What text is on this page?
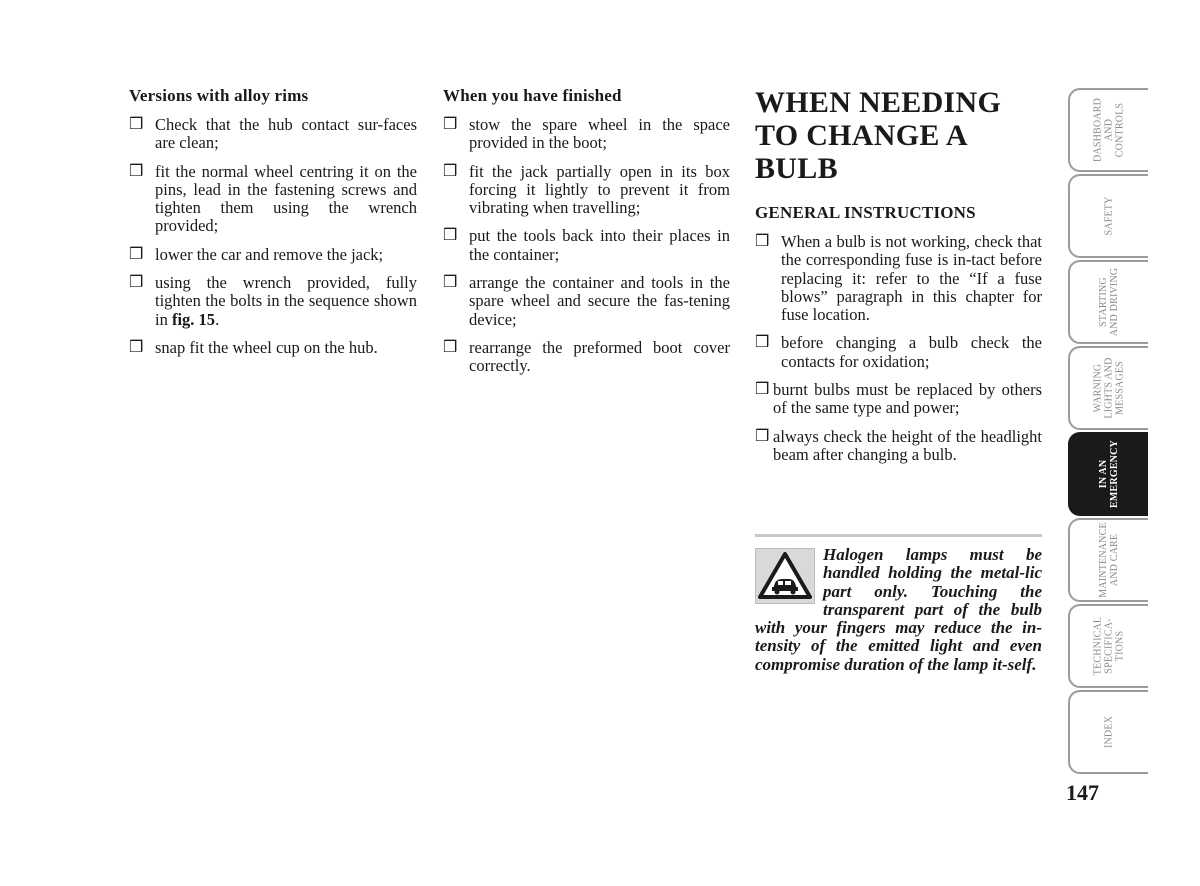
Versions with alloy rims
❒ Check that the hub contact sur-faces are clean;
❒ fit the normal wheel centring it on the pins, lead in the fastening screws and tighten them using the wrench provided;
❒ lower the car and remove the jack;
❒ using the wrench provided, fully tighten the bolts in the sequence shown in fig. 15.
❒ snap fit the wheel cup on the hub.
When you have finished
❒ stow the spare wheel in the space provided in the boot;
❒ fit the jack partially open in its box forcing it lightly to prevent it from vibrating when travelling;
❒ put the tools back into their places in the container;
❒ arrange the container and tools in the spare wheel and secure the fas-tening device;
❒ rearrange the preformed boot cover correctly.
WHEN NEEDING
TO CHANGE A
BULB
GENERAL INSTRUCTIONS
❒ When a bulb is not working, check that the corresponding fuse is in-tact before replacing it: refer to the “If a fuse blows” paragraph in this chapter for fuse location.
❒ before changing a bulb check the contacts for oxidation;
❒ burnt bulbs must be replaced by others of the same type and power;
❒ always check the height of the headlight beam after changing a bulb.

Halogen lamps must be handled holding the metal-lic part only. Touching the transparent part of the bulb with your fingers may reduce the in-tensity of the emitted light and even compromise duration of the lamp it-self.

DASHBOARD
AND
CONTROLS
SAFETY
STARTING
AND DRIVING
WARNING
LIGHTS AND
MESSAGES
IN AN
EMERGENCY
MAINTENANCE
AND CARE
TECHNICAL
SPECIFICA-
TIONS
INDEX
147
